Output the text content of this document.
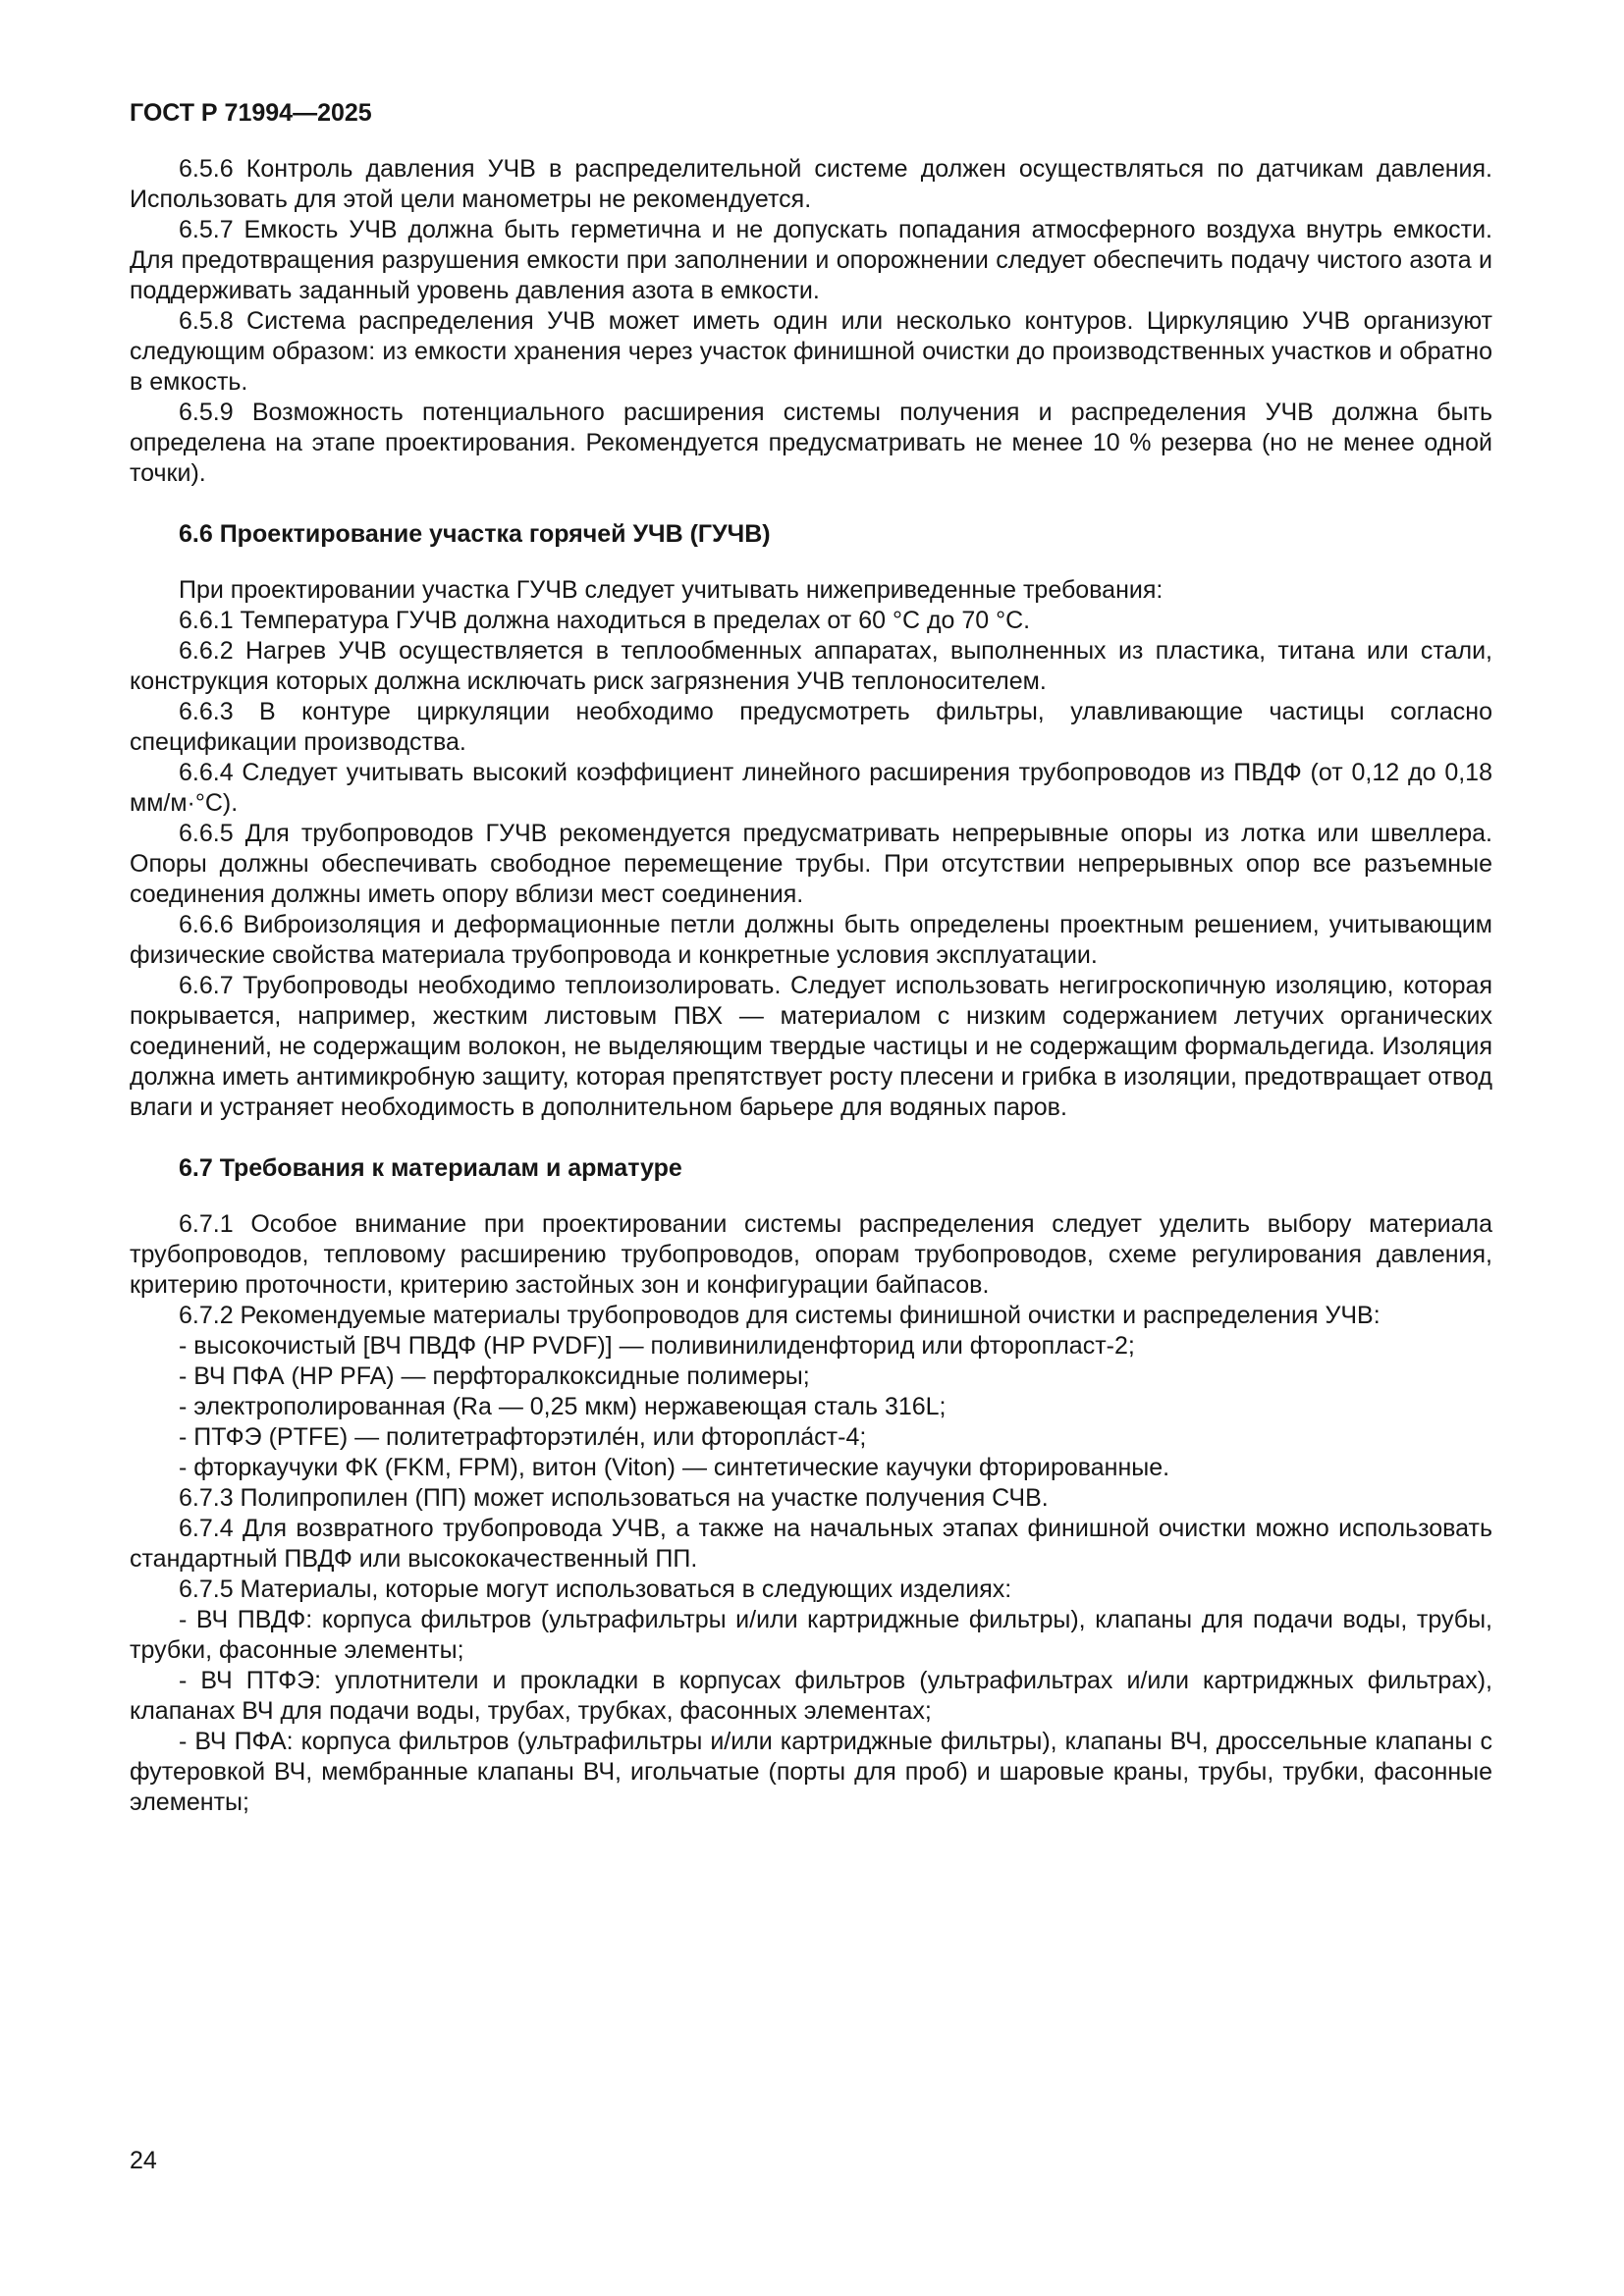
ГОСТ Р 71994—2025

6.5.6 Контроль давления УЧВ в распределительной системе должен осуществляться по датчикам давления. Использовать для этой цели манометры не рекомендуется.

6.5.7 Емкость УЧВ должна быть герметична и не допускать попадания атмосферного воздуха внутрь емкости. Для предотвращения разрушения емкости при заполнении и опорожнении следует обеспечить подачу чистого азота и поддерживать заданный уровень давления азота в емкости.

6.5.8 Система распределения УЧВ может иметь один или несколько контуров. Циркуляцию УЧВ организуют следующим образом: из емкости хранения через участок финишной очистки до производственных участков и обратно в емкость.

6.5.9 Возможность потенциального расширения системы получения и распределения УЧВ должна быть определена на этапе проектирования. Рекомендуется предусматривать не менее 10 % резерва (но не менее одной точки).

6.6 Проектирование участка горячей УЧВ (ГУЧВ)

При проектировании участка ГУЧВ следует учитывать нижеприведенные требования:

6.6.1 Температура ГУЧВ должна находиться в пределах от 60 °С до 70 °С.

6.6.2 Нагрев УЧВ осуществляется в теплообменных аппаратах, выполненных из пластика, титана или стали, конструкция которых должна исключать риск загрязнения УЧВ теплоносителем.

6.6.3 В контуре циркуляции необходимо предусмотреть фильтры, улавливающие частицы согласно спецификации производства.

6.6.4 Следует учитывать высокий коэффициент линейного расширения трубопроводов из ПВДФ (от 0,12 до 0,18 мм/м·°С).

6.6.5 Для трубопроводов ГУЧВ рекомендуется предусматривать непрерывные опоры из лотка или швеллера. Опоры должны обеспечивать свободное перемещение трубы. При отсутствии непрерывных опор все разъемные соединения должны иметь опору вблизи мест соединения.

6.6.6 Виброизоляция и деформационные петли должны быть определены проектным решением, учитывающим физические свойства материала трубопровода и конкретные условия эксплуатации.

6.6.7 Трубопроводы необходимо теплоизолировать. Следует использовать негигроскопичную изоляцию, которая покрывается, например, жестким листовым ПВХ — материалом с низким содержанием летучих органических соединений, не содержащим волокон, не выделяющим твердые частицы и не содержащим формальдегида. Изоляция должна иметь антимикробную защиту, которая препятствует росту плесени и грибка в изоляции, предотвращает отвод влаги и устраняет необходимость в дополнительном барьере для водяных паров.

6.7 Требования к материалам и арматуре

6.7.1 Особое внимание при проектировании системы распределения следует уделить выбору материала трубопроводов, тепловому расширению трубопроводов, опорам трубопроводов, схеме регулирования давления, критерию проточности, критерию застойных зон и конфигурации байпасов.

6.7.2 Рекомендуемые материалы трубопроводов для системы финишной очистки и распределения УЧВ:

- высокочистый [ВЧ ПВДФ (HP PVDF)] — поливинилиденфторид или фторопласт-2;

- ВЧ ПФА (HP PFA) — перфторалкоксидные полимеры;

- электрополированная (Ra — 0,25 мкм) нержавеющая сталь 316L;

- ПТФЭ (PTFE) — политетрафторэтиле́н, или фторопла́ст-4;

- фторкаучуки ФК (FKM, FPM), витон (Viton) — синтетические каучуки фторированные.

6.7.3 Полипропилен (ПП) может использоваться на участке получения СЧВ.

6.7.4 Для возвратного трубопровода УЧВ, а также на начальных этапах финишной очистки можно использовать стандартный ПВДФ или высококачественный ПП.

6.7.5 Материалы, которые могут использоваться в следующих изделиях:

- ВЧ ПВДФ: корпуса фильтров (ультрафильтры и/или картриджные фильтры), клапаны для подачи воды, трубы, трубки, фасонные элементы;

- ВЧ ПТФЭ: уплотнители и прокладки в корпусах фильтров (ультрафильтрах и/или картриджных фильтрах), клапанах ВЧ для подачи воды, трубах, трубках, фасонных элементах;

- ВЧ ПФА: корпуса фильтров (ультрафильтры и/или картриджные фильтры), клапаны ВЧ, дроссельные клапаны с футеровкой ВЧ, мембранные клапаны ВЧ, игольчатые (порты для проб) и шаровые краны, трубы, трубки, фасонные элементы;

24
